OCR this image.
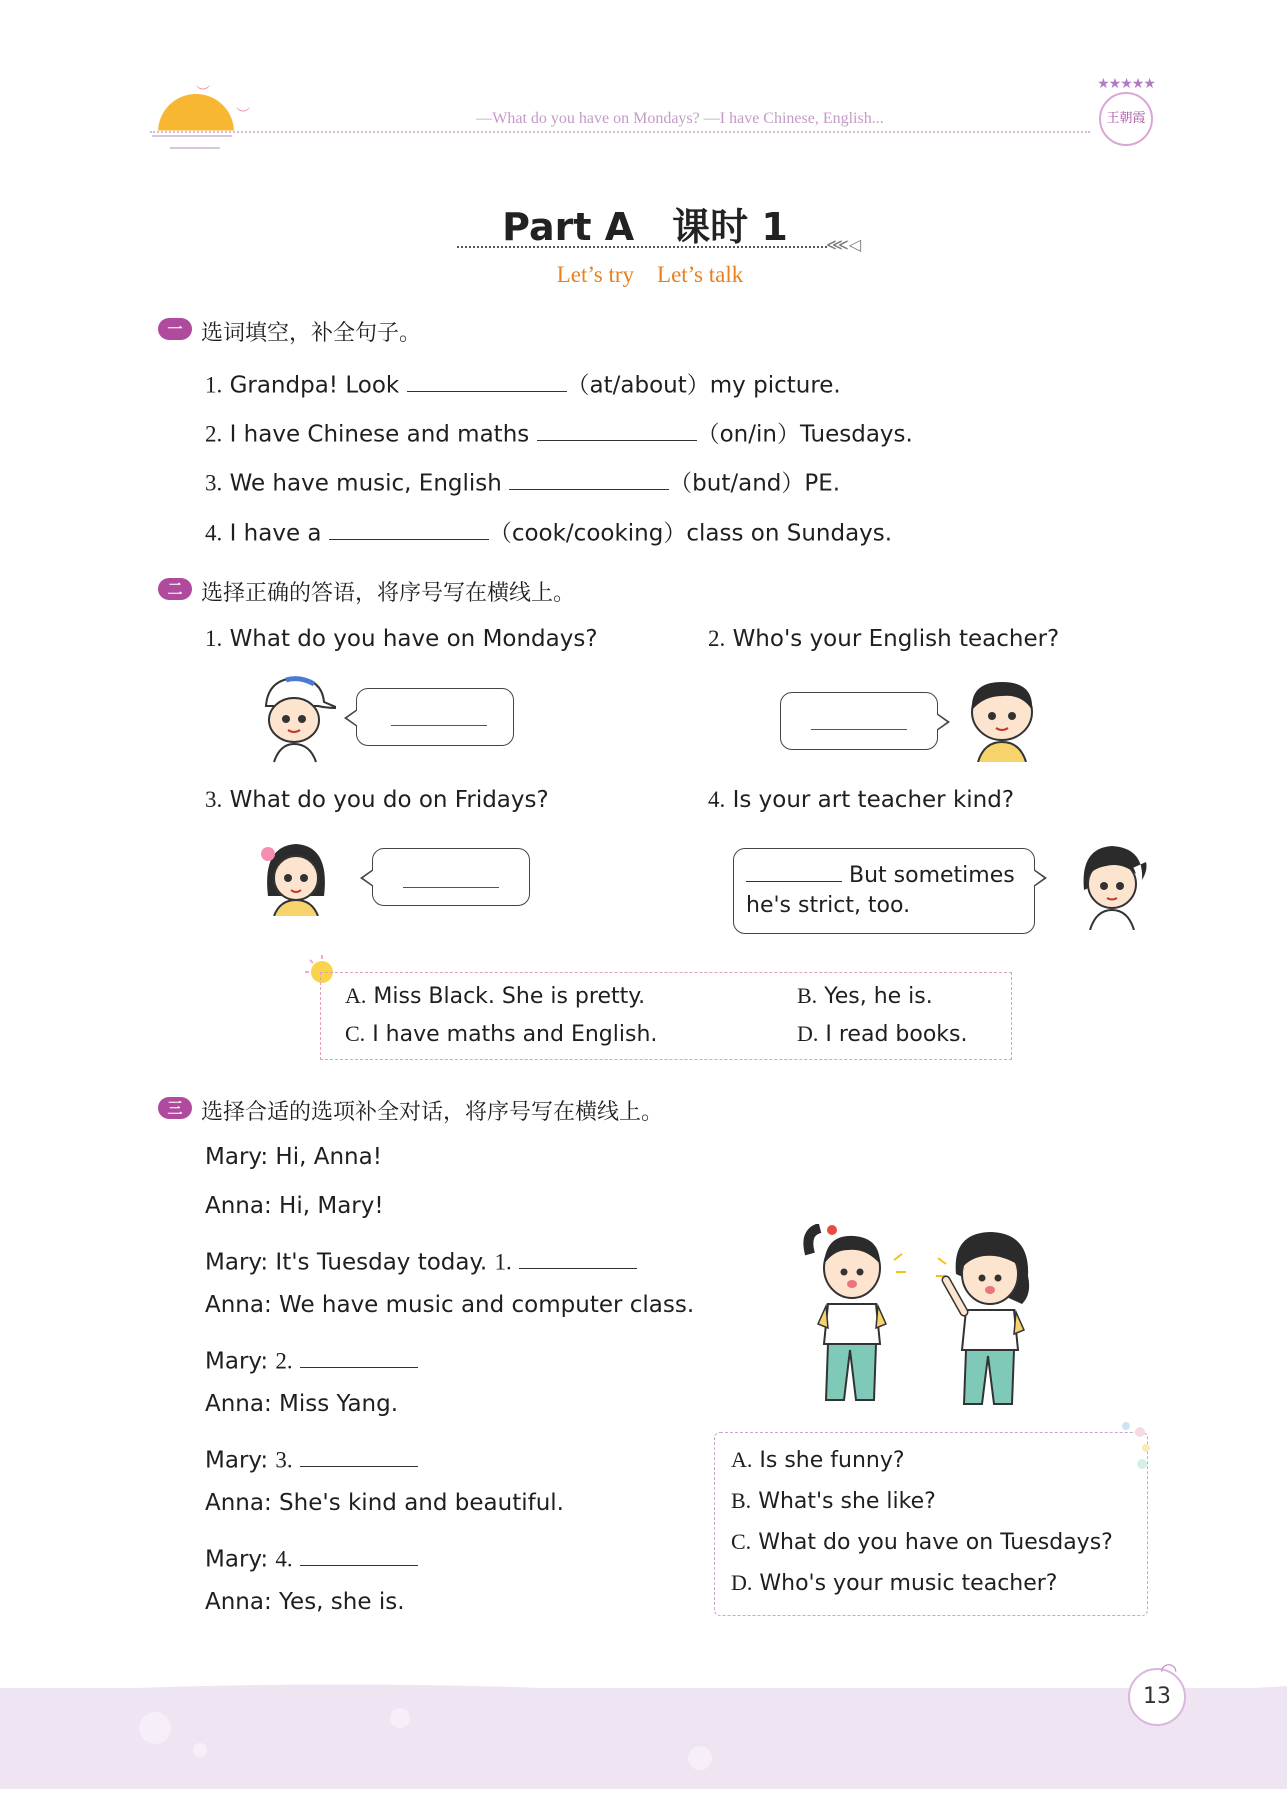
︶
︶	—What do you have on Mondays? —I have Chinese, English...
★★★★★
王朝霞
Part A　课时 1	⋘◁
Let’s try　Let’s talk
一 选词填空，补全句子。
1. Grandpa! Look	（at/about）my picture.
2. I have Chinese and maths	（on/in）Tuesdays.
3. We have music, English	（but/and）PE.
4. I have a	（cook/cooking）class on Sundays.
二 选择正确的答语，将序号写在横线上。
1. What do you have on Mondays?	2. Who's your English teacher?
3. What do you do on Fridays?	4. Is your art teacher kind?
But sometimes
he's strict, too.
A. Miss Black. She is pretty.	B. Yes, he is.
C. I have maths and English.	D. I read books.
三 选择合适的选项补全对话，将序号写在横线上。
Mary: Hi, Anna!
Anna: Hi, Mary!
Mary: It's Tuesday today. 1.
Anna: We have music and computer class.
Mary: 2.
Anna: Miss Yang.
Mary: 3.
Anna: She's kind and beautiful.
Mary: 4.
Anna: Yes, she is.
A. Is she funny?
B. What's she like?
C. What do you have on Tuesdays?
D. Who's your music teacher?
13
◠
